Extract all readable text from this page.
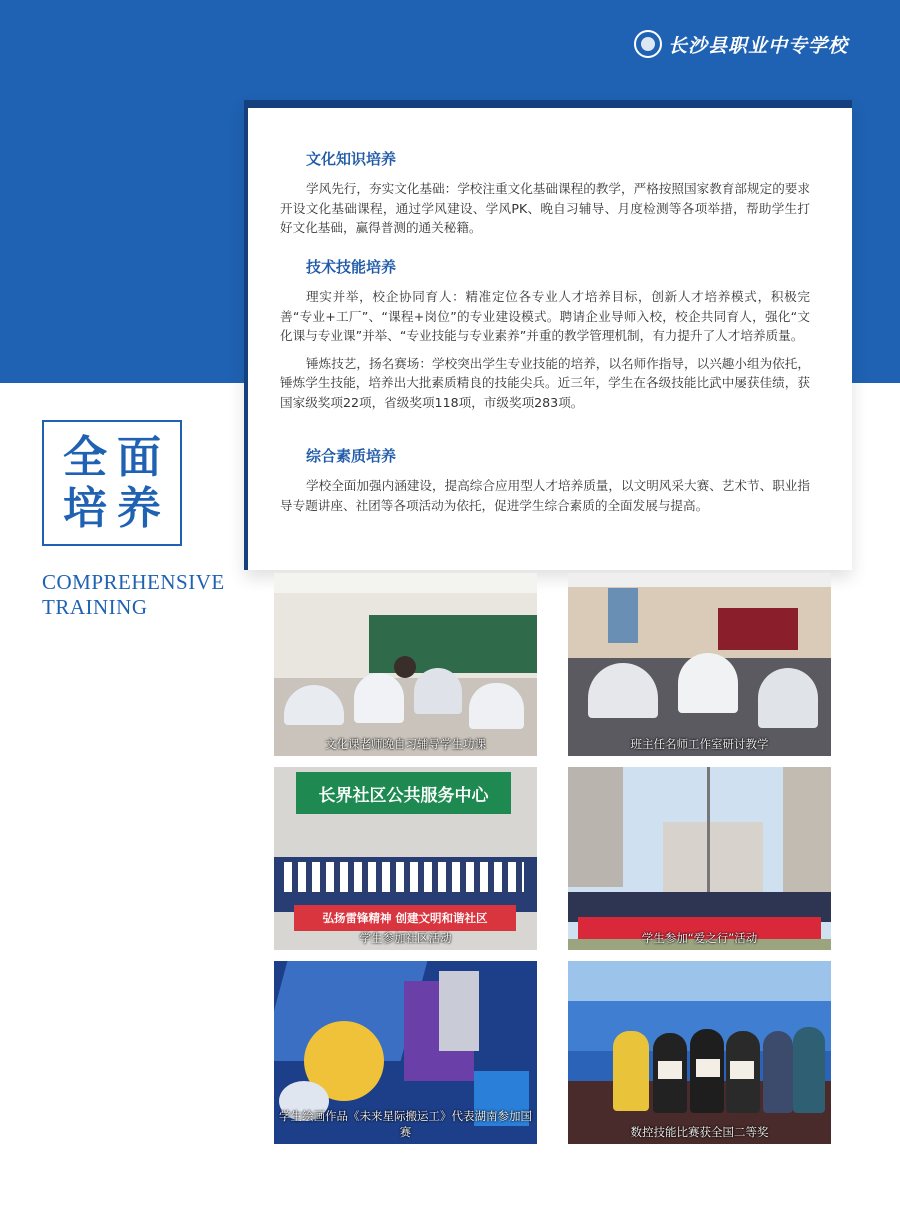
长沙县职业中专学校
文化知识培养

学风先行，夯实文化基础：学校注重文化基础课程的教学，严格按照国家教育部规定的要求开设文化基础课程，通过学风建设、学风PK、晚自习辅导、月度检测等各项举措，帮助学生打好文化基础，赢得普测的通关秘籍。

技术技能培养

理实并举，校企协同育人：精准定位各专业人才培养目标，创新人才培养模式，积极完善“专业+工厂”、“课程+岗位”的专业建设模式。聘请企业导师入校，校企共同育人，强化“文化课与专业课”并举、“专业技能与专业素养”并重的教学管理机制，有力提升了人才培养质量。

锤炼技艺，扬名赛场：学校突出学生专业技能的培养，以名师作指导，以兴趣小组为依托，锤炼学生技能，培养出大批素质精良的技能尖兵。近三年，学生在各级技能比武中屡获佳绩，获国家级奖项22项，省级奖项118项，市级奖项283项。

综合素质培养

学校全面加强内涵建设，提高综合应用型人才培养质量，以文明风采大赛、艺术节、职业指导专题讲座、社团等各项活动为依托，促进学生综合素质的全面发展与提高。

全 面
培 养
COMPREHENSIVE
TRAINING
文化课老师晚自习辅导学生功课	班主任名师工作室研讨教学
长界社区公共服务中心
弘扬雷锋精神 创建文明和谐社区
学生参加社区活动	学生参加“爱之行”活动
学生绘画作品《未来星际搬运工》代表湖南参加国赛	数控技能比赛获全国二等奖
